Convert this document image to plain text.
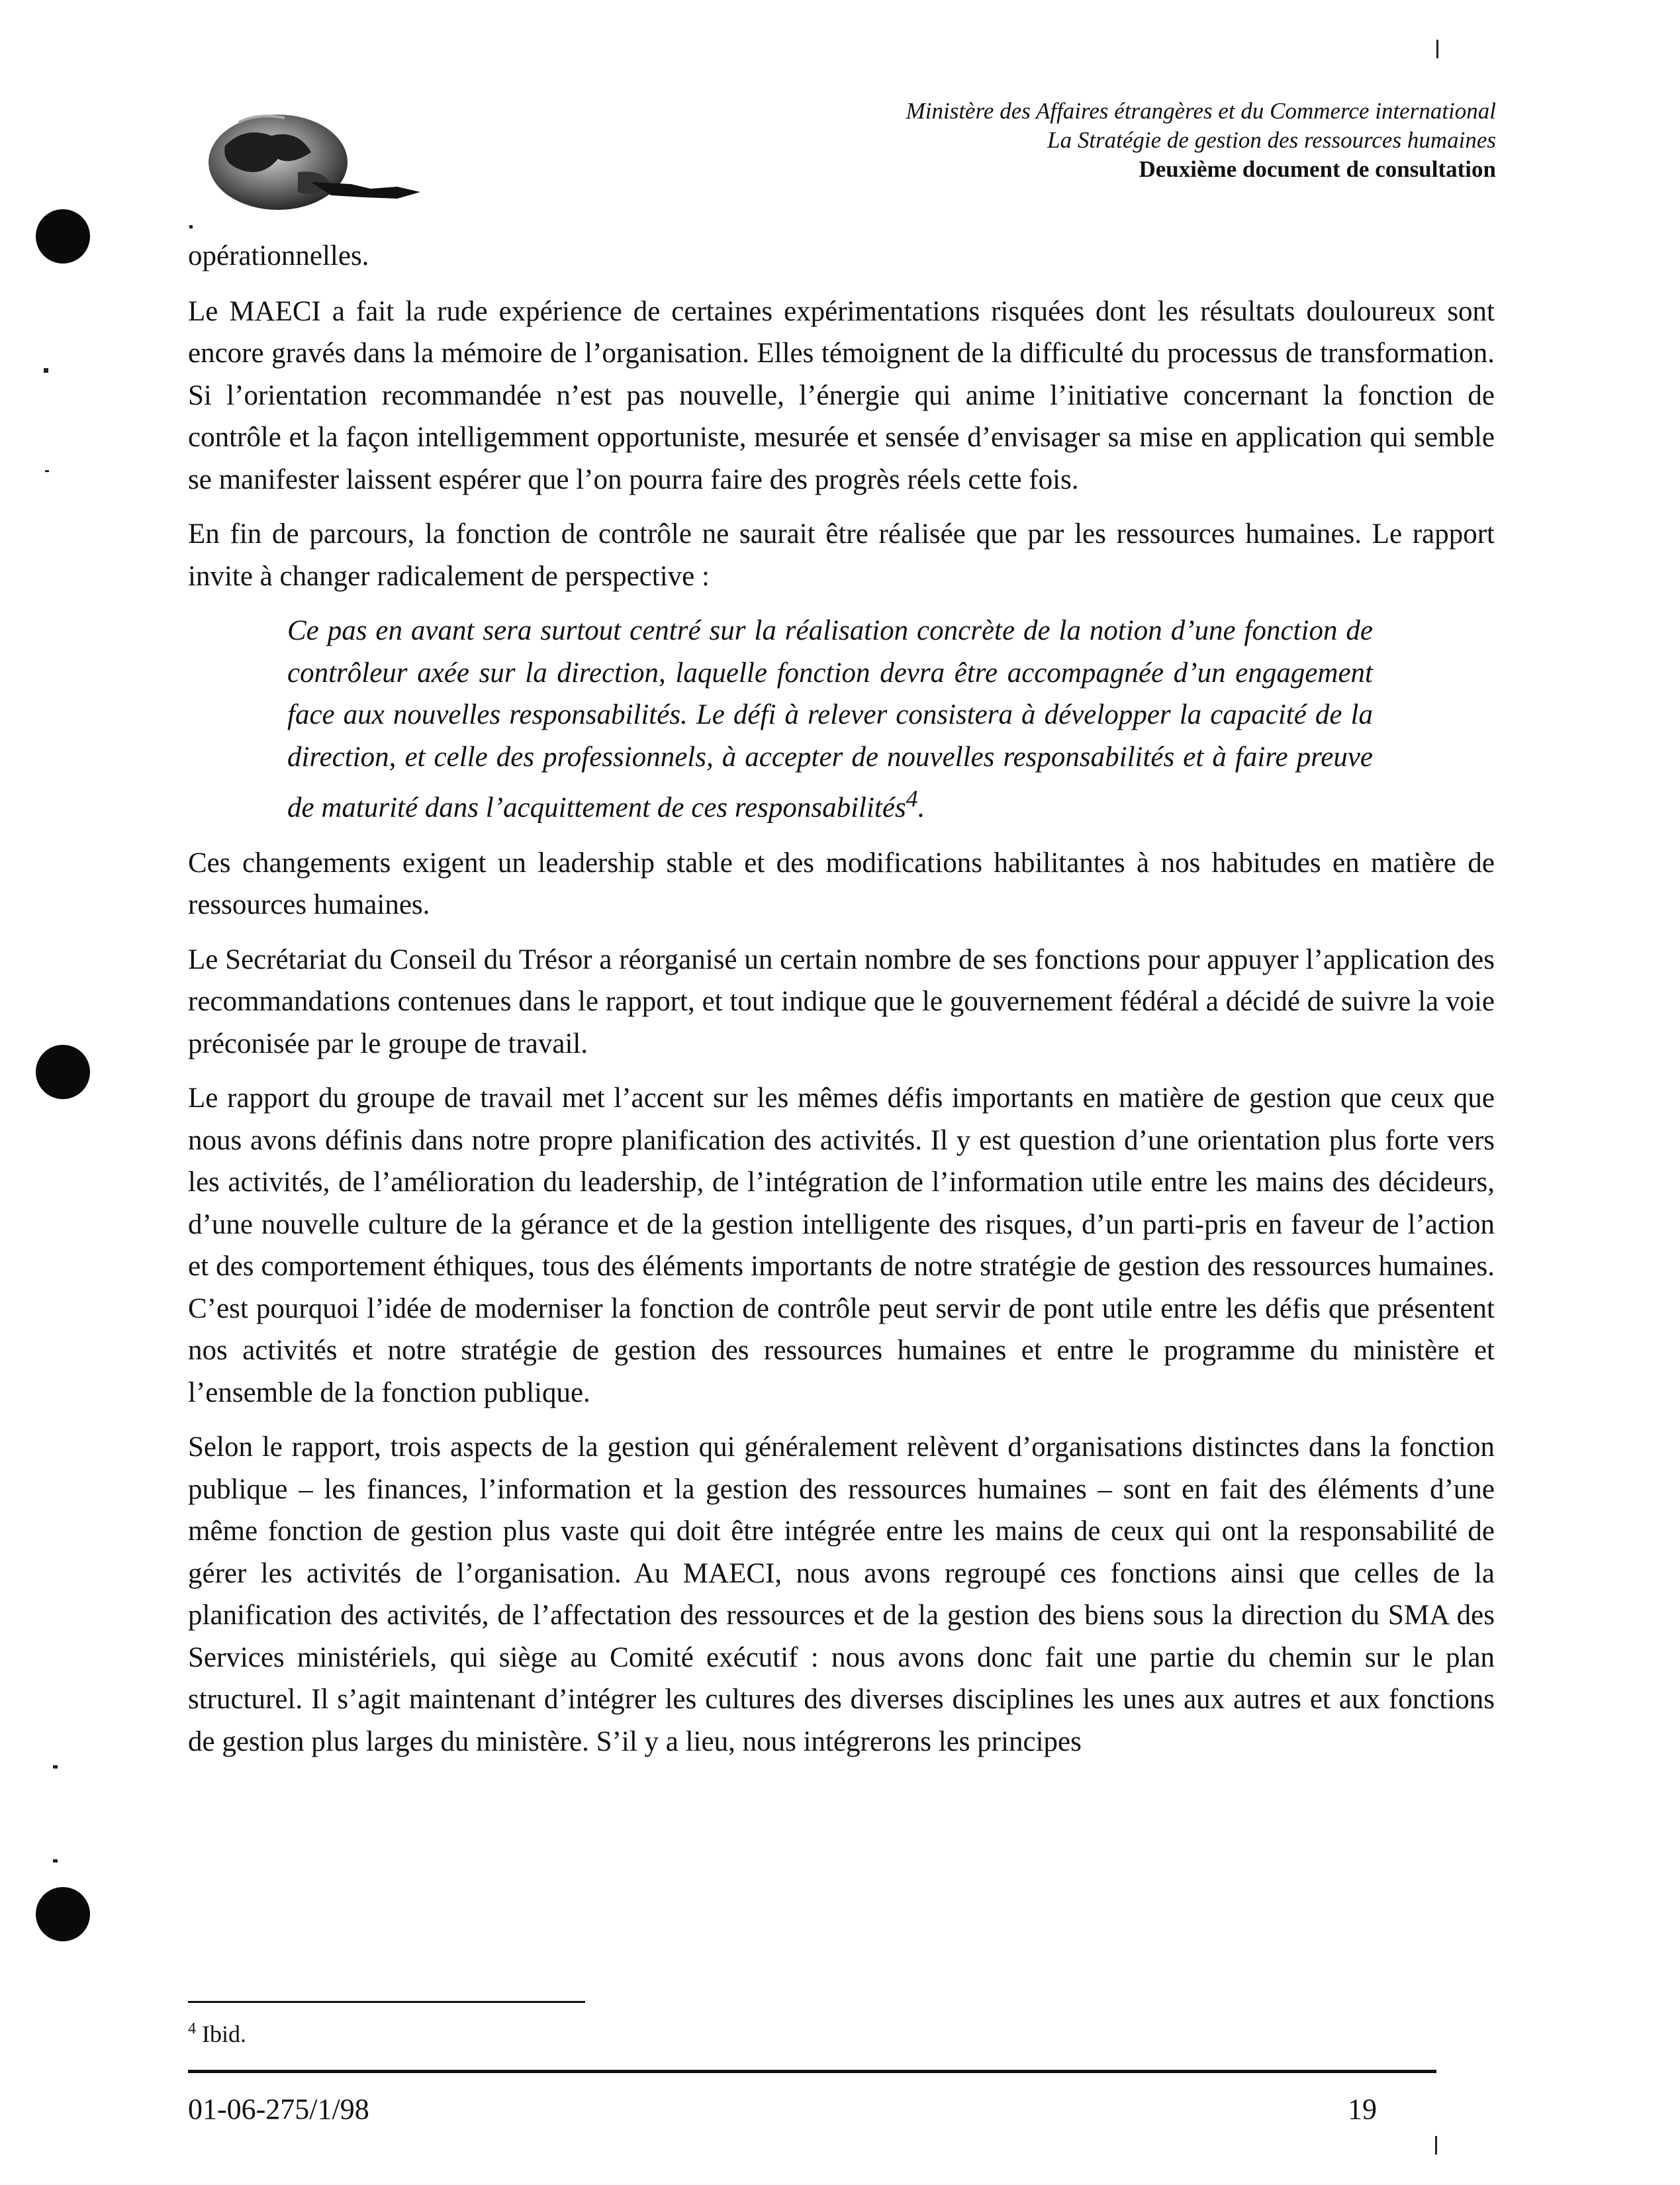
Ministère des Affaires étrangères et du Commerce international
La Stratégie de gestion des ressources humaines
Deuxième document de consultation

opérationnelles.

Le MAECI a fait la rude expérience de certaines expérimentations risquées dont les résultats douloureux sont encore gravés dans la mémoire de l’organisation. Elles témoignent de la difficulté du processus de transformation. Si l’orientation recommandée n’est pas nouvelle, l’énergie qui anime l’initiative concernant la fonction de contrôle et la façon intelligemment opportuniste, mesurée et sensée d’envisager sa mise en application qui semble se manifester laissent espérer que l’on pourra faire des progrès réels cette fois.

En fin de parcours, la fonction de contrôle ne saurait être réalisée que par les ressources humaines. Le rapport invite à changer radicalement de perspective :

Ce pas en avant sera surtout centré sur la réalisation concrète de la notion d’une fonction de contrôleur axée sur la direction, laquelle fonction devra être accompagnée d’un engagement face aux nouvelles responsabilités. Le défi à relever consistera à développer la capacité de la direction, et celle des professionnels, à accepter de nouvelles responsabilités et à faire preuve de maturité dans l’acquittement de ces responsabilités$^4$.

Ces changements exigent un leadership stable et des modifications habilitantes à nos habitudes en matière de ressources humaines.

Le Secrétariat du Conseil du Trésor a réorganisé un certain nombre de ses fonctions pour appuyer l’application des recommandations contenues dans le rapport, et tout indique que le gouvernement fédéral a décidé de suivre la voie préconisée par le groupe de travail.

Le rapport du groupe de travail met l’accent sur les mêmes défis importants en matière de gestion que ceux que nous avons définis dans notre propre planification des activités. Il y est question d’une orientation plus forte vers les activités, de l’amélioration du leadership, de l’intégration de l’information utile entre les mains des décideurs, d’une nouvelle culture de la gérance et de la gestion intelligente des risques, d’un parti-pris en faveur de l’action et des comportement éthiques, tous des éléments importants de notre stratégie de gestion des ressources humaines. C’est pourquoi l’idée de moderniser la fonction de contrôle peut servir de pont utile entre les défis que présentent nos activités et notre stratégie de gestion des ressources humaines et entre le programme du ministère et l’ensemble de la fonction publique.

Selon le rapport, trois aspects de la gestion qui généralement relèvent d’organisations distinctes dans la fonction publique – les finances, l’information et la gestion des ressources humaines – sont en fait des éléments d’une même fonction de gestion plus vaste qui doit être intégrée entre les mains de ceux qui ont la responsabilité de gérer les activités de l’organisation. Au MAECI, nous avons regroupé ces fonctions ainsi que celles de la planification des activités, de l’affectation des ressources et de la gestion des biens sous la direction du SMA des Services ministériels, qui siège au Comité exécutif : nous avons donc fait une partie du chemin sur le plan structurel. Il s’agit maintenant d’intégrer les cultures des diverses disciplines les unes aux autres et aux fonctions de gestion plus larges du ministère. S’il y a lieu, nous intégrerons les principes

$^4$ Ibid.
01-06-275/1/98	19
